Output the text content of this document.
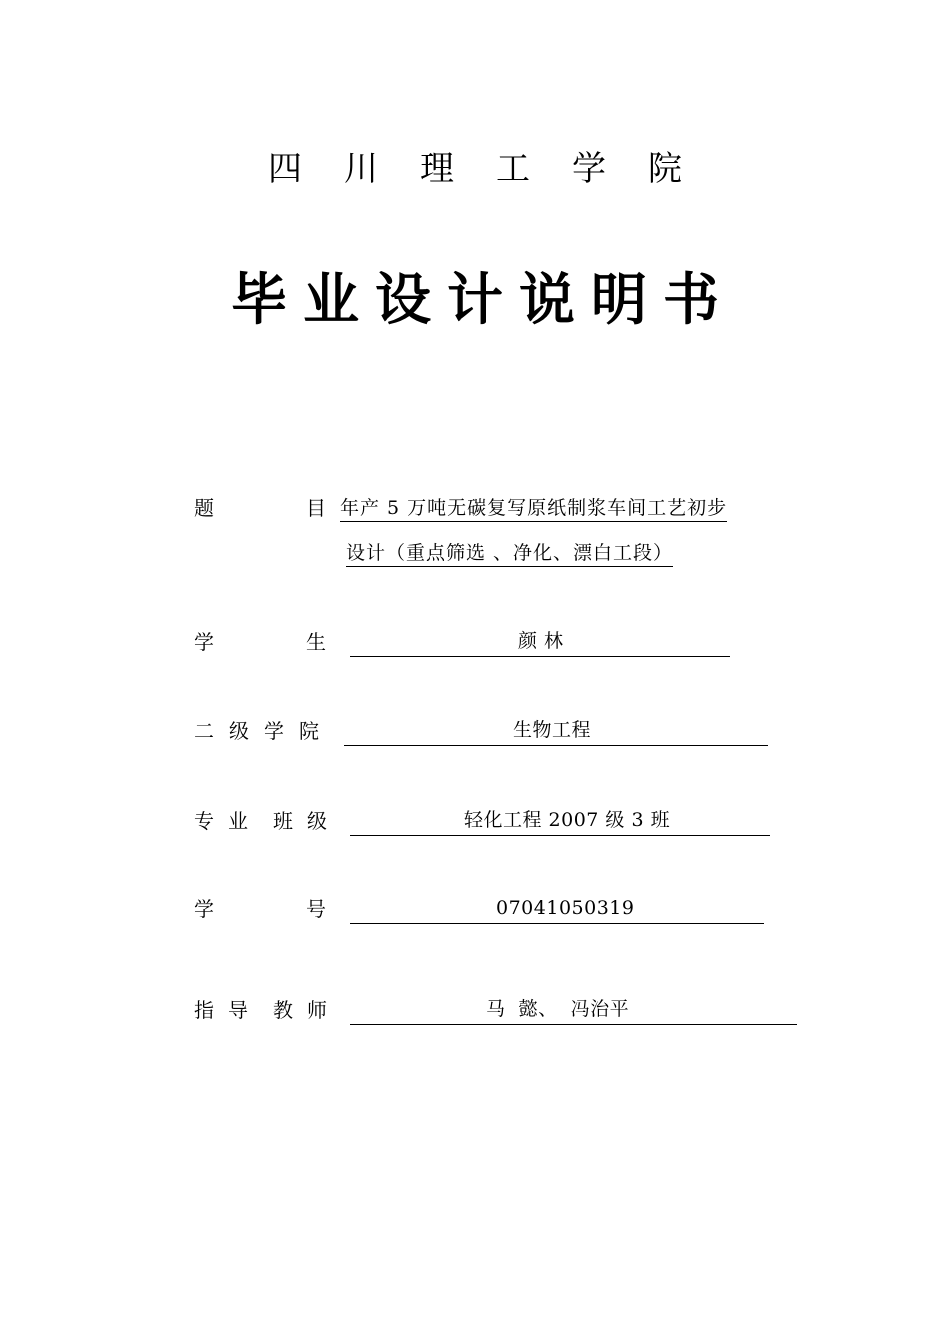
四 川 理 工 学 院
毕 业 设 计 说 明 书
题	目 年产 5 万吨无碳复写原纸制浆车间工艺初步
设计（重点筛选 、净化、漂白工段）
学	生	颜 林
二 级 学 院	生物工程
专 业 班 级	轻化工程 2007 级 3 班
学	号	07041050319
指 导 教 师	马  懿、  冯治平
